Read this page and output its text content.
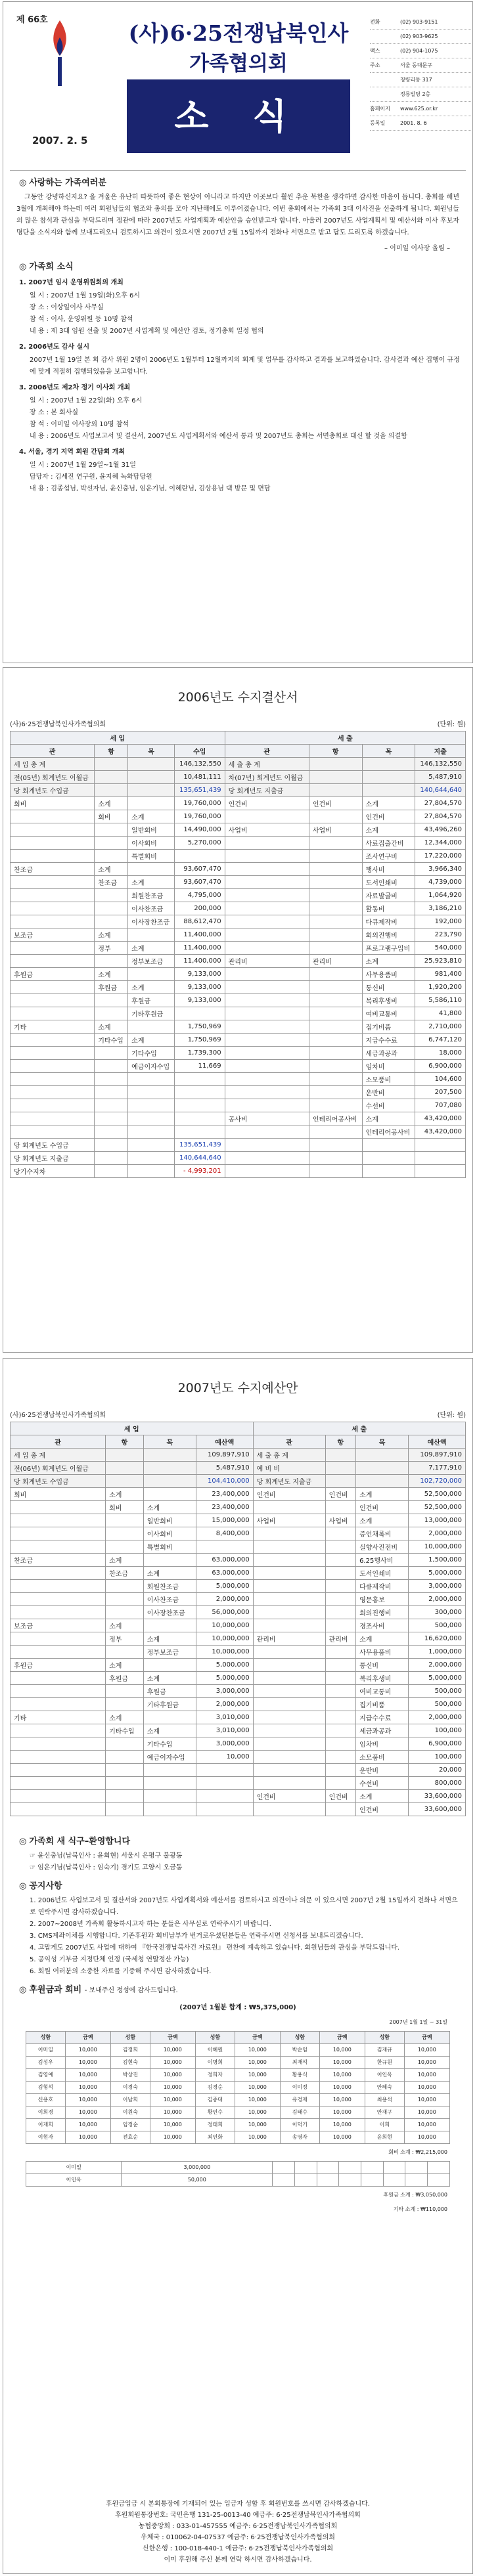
제 66호
2007. 2. 5
(사)6·25전쟁납북인사
가족협의회
소 식
전화	(02) 903-9151
(02) 903-9625
팩스	(02) 904-1075
주소	서울 동대문구
청량리동 317
정릉빌딩 2층
홈페이지	www.625.or.kr
등록일	2001. 8. 6
◎ 사랑하는 가족여러분

그동안 강녕하신지요? 올 겨울은 유난히 따뜻하여 좋은 현상이 아니라고 하지만 이곳보다 훨씬 추운 북한을 생각하면 감사한 마음이 듭니다. 총회를 해년3월에 개최해야 하는데 여러 회원님들의 협조와 총의를 모아 지난해에도 이루어졌습니다. 이번 총회에서는 가족회 3대 이사진을 선출하게 됩니다. 회원님들의 많은 참석과 관심을 부탁드리며 정관에 따라 2007년도 사업계획과 예산안을 승인받고자 합니다. 아울러 2007년도 사업계획서 및 예산서와 이사 후보자 명단을 소식지와 함께 보내드리오니 검토하시고 의견이 있으시면 2007년 2월 15일까지 전화나 서면으로 받고 답도 드리도록 하겠습니다.

– 이미일 이사장 올림 –
◎ 가족회 소식
1. 2007년 임시 운영위원회의 개최
일 시 : 2007년 1월 19일(화)오후 6시
장 소 : 이상일이사 사무실
참 석 : 이사, 운영위원 등 10명 참석
내 용 : 제 3대 임원 선출 및 2007년 사업계획 및 예산안 검토, 정기총회 일정 협의
2. 2006년도 감사 실시
2007년 1월 19일 본 회 감사 위원 2명이 2006년도 1월부터 12월까지의 회계 및 업무를 감사하고 결과를 보고하였습니다. 감사결과 예산 집행이 규정에 맞게 적절히 집행되었음을 보고합니다.
3. 2006년도 제2차 정기 이사회 개최
일 시 : 2007년 1월 22일(화) 오후 6시
장 소 : 본 회사실
참 석 : 이미일 이사장외 10명 참석
내 용 : 2006년도 사업보고서 및 결산서, 2007년도 사업계획서와 예산서 통과 및 2007년도 총회는 서면총회로 대신 할 것을 의결함
4. 서울, 경기 지역 회원 간담회 개최
일 시 : 2007년 1월 29일~1월 31일
담당자 : 김세진 연구원, 윤지혜 녹화담당원
내 용 : 김종섭님, 박선자님, 윤신충님, 임운기님, 이혜란님, 김상용님 댁 방문 및 면담
2006년도 수지결산서
(사)6·25전쟁납북인사가족협의회	(단위: 원)
세 입				세 출			
관	항	목	수입	관	항	목	지출
세 입 총 계			146,132,550	세 출 총 계			146,132,550
전(05년) 회계년도 이월금			10,481,111	차(07년) 회계년도 이월금			5,487,910
당 회계년도 수입금			135,651,439	당 회계년도 지출금			140,644,640
회비	소계		19,760,000	인건비	인건비	소계	27,804,570
	회비	소계	19,760,000			인건비	27,804,570
		일반회비	14,490,000	사업비	사업비	소계	43,496,260
		이사회비	5,270,000			사료집출간비	12,344,000
		특별회비				조사연구비	17,220,000
찬조금	소계		93,607,470			행사비	3,966,340
	찬조금	소계	93,607,470			도서인쇄비	4,739,000
		회원찬조금	4,795,000			자료발굴비	1,064,920
		이사찬조금	200,000			활동비	3,186,210
		이사장찬조금	88,612,470			다큐제작비	192,000
보조금	소계		11,400,000			회의진행비	223,790
	정부	소계	11,400,000			프로그램구입비	540,000
		정부보조금	11,400,000	관리비	관리비	소계	25,923,810
후원금	소계		9,133,000			사무용품비	981,400
	후원금	소계	9,133,000			통신비	1,920,200
		후원금	9,133,000			복리후생비	5,586,110
		기타후원금				여비교통비	41,800
기타	소계		1,750,969			집기비품	2,710,000
	기타수입	소계	1,750,969			지급수수료	6,747,120
		기타수입	1,739,300			세금과공과	18,000
		예금이자수입	11,669			임차비	6,900,000
						소모품비	104,600
						운반비	207,500
						수선비	707,080
				공사비	인테리어공사비	소계	43,420,000
						인테리어공사비	43,420,000
당 회계년도 수입금			135,651,439				
당 회계년도 지출금			140,644,640				
당기수지차			- 4,993,201				
2007년도 수지예산안
(사)6·25전쟁납북인사가족협의회	(단위: 원)
세 입				세 출			
관	항	목	예산액	관	항	목	예산액
세 입 총 계			109,897,910	세 출 총 계			109,897,910
전(06년) 회계년도 이월금			5,487,910	예 비 비			7,177,910
당 회계년도 수입금			104,410,000	당 회계년도 지출금			102,720,000
회비	소계		23,400,000	인건비	인건비	소계	52,500,000
	회비	소계	23,400,000			인건비	52,500,000
		일반회비	15,000,000	사업비	사업비	소계	13,000,000
		이사회비	8,400,000			증언채록비	2,000,000
		특별회비				실향사진전비	10,000,000
찬조금	소계		63,000,000			6.25행사비	1,500,000
	찬조금	소계	63,000,000			도서인쇄비	5,000,000
		회원찬조금	5,000,000			다큐제작비	3,000,000
		이사찬조금	2,000,000			영문홍보	2,000,000
		이사장찬조금	56,000,000			회의진행비	300,000
보조금	소계		10,000,000			경조사비	500,000
	정부	소계	10,000,000	관리비	관리비	소계	16,620,000
		정부보조금	10,000,000			사무용품비	1,000,000
후원금	소계		5,000,000			통신비	2,000,000
	후원금	소계	5,000,000			복리후생비	5,000,000
		후원금	3,000,000			여비교통비	500,000
		기타후원금	2,000,000			집기비품	500,000
기타	소계		3,010,000			지급수수료	2,000,000
	기타수입	소계	3,010,000			세금과공과	100,000
		기타수입	3,000,000			임차비	6,900,000
		예금이자수입	10,000			소모품비	100,000
						운반비	20,000
						수선비	800,000
				인건비	인건비	소계	33,600,000
						인건비	33,600,000
◎ 가족회 새 식구–환영합니다
☞ 윤신충님(납북인사 : 윤희현) 서울시 은평구 불광동
☞ 임운기님(납북인사 : 임숙기) 경기도 고양시 오금동
◎ 공지사항
1. 2006년도 사업보고서 및 결산서와 2007년도 사업계획서와 예산서를 검토하시고 의견이나 의문 이 있으시면 2007년 2월 15일까지 전화나 서면으로 연락주시면 감사하겠습니다.
2. 2007~2008년 가족회 활동하시고자 하는 분들은 사무실로 연락주시기 바랍니다.
3. CMS계좌이체를 시행합니다. 기존후원과 회비납부가 번거로우셨던분들은 연락주시면 신청서를 보내드리겠습니다.
4. 고맙게도 2007년도 사업에 대하여 『한국전쟁납북사건 자료원』 편찬에 계속하고 있습니다. 회원님들의 관심을 부탁드립니다.
5. 공익성 기부금 지정단체 인정 (국세청 연말정산 가능)
6. 회원 여러분의 소중한 자료를 기증해 주시면 감사하겠습니다.
◎ 후원금과 회비 - 보내주신 정성에 감사드립니다.
(2007년 1월분 합계 : ₩5,375,000)
2007년 1월 1일 ~ 31일
성함	금액	성함	금액	성함	금액	성함	금액	성함	금액
이미일	10,000	김정희	10,000	이혜원	10,000	박순임	10,000	김재규	10,000
김성우	10,000	김현숙	10,000	이명희	10,000	최재석	10,000	한규원	10,000
김영예	10,000	박상진	10,000	정희자	10,000	황용식	10,000	이인옥	10,000
김형석	10,000	이경숙	10,000	김경순	10,000	이미정	10,000	안혜숙	10,000
신용호	10,000	이남희	10,000	김종대	10,000	유경재	10,000	최용석	10,000
이희경	10,000	이원숙	10,000	황인수	10,000	김태수	10,000	안재구	10,000
이재희	10,000	임정순	10,000	정태희	10,000	이덕기	10,000	이희	10,000
이현자	10,000	전효순	10,000	최인화	10,000	송영자	10,000	윤희현	10,000
회비 소계 : ₩2,215,000
이미일	3,000,000								
이인옥	50,000								
후원금 소계 : ₩3,050,000
기타 소계 : ₩110,000
후원금입금 시 본회통장에 기재되어 있는 입금자 성함 후 회원번호를 쓰시면 감사하겠습니다.
후원회원통장번호: 국민은행 131-25-0013-40 예금주: 6·25전쟁납북인사가족협의회
농협중앙회 : 033-01-457555 예금주: 6·25전쟁납북인사가족협의회
우체국 : 010062-04-07537 예금주: 6·25전쟁납북인사가족협의회
신한은행 : 100-018-440-1 예금주: 6·25전쟁납북인사가족협의회
이미 후원해 주신 분께 연락 하시면 감사하겠습니다.
